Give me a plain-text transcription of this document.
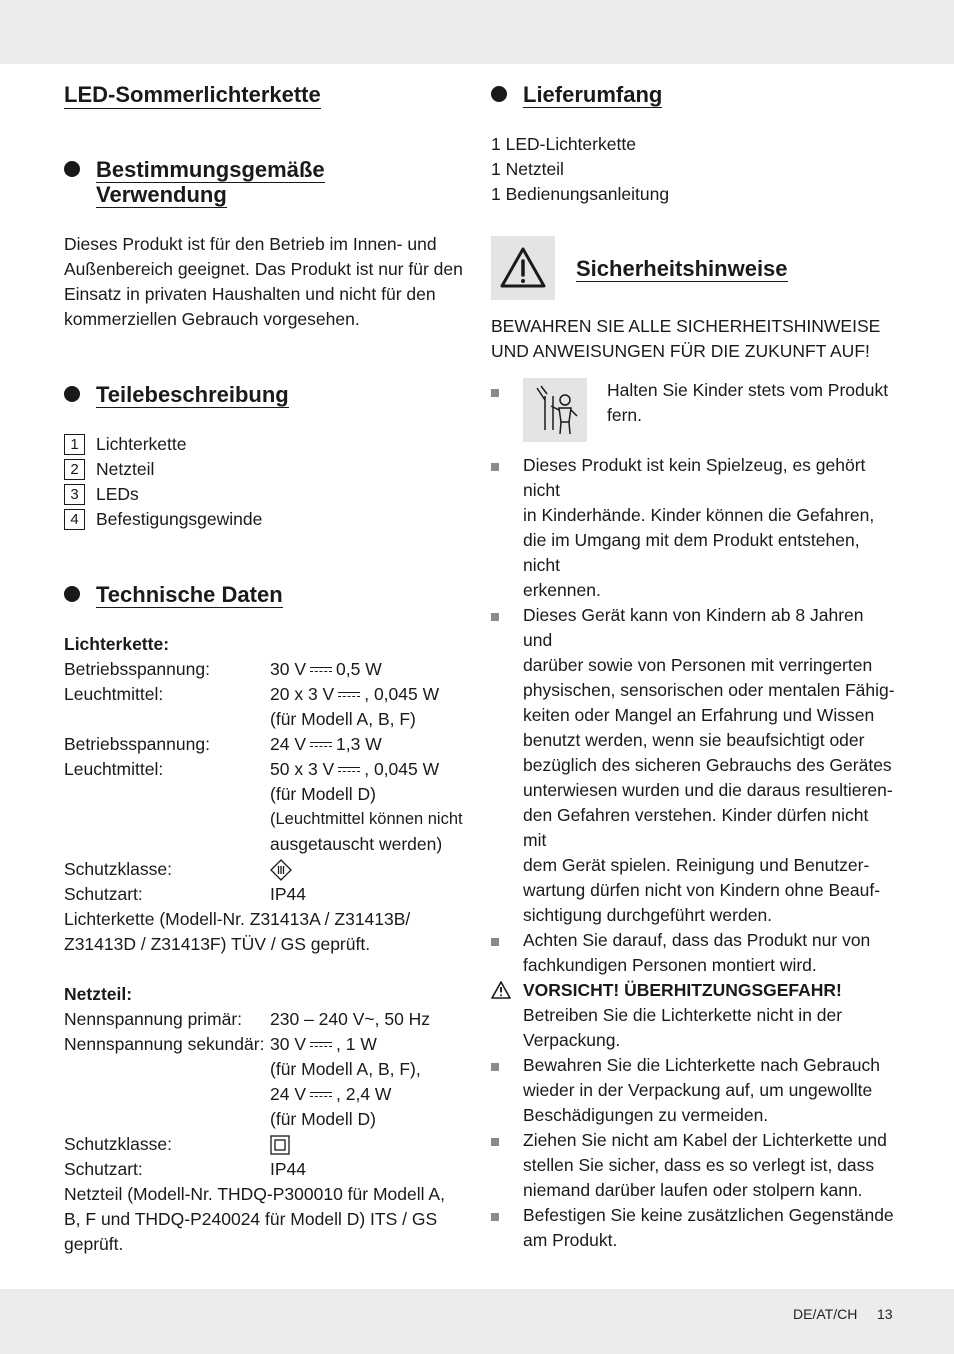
LED-Sommerlichterkette
Bestimmungsgemäße
Verwendung

Dieses Produkt ist für den Betrieb im Innen- und

Außenbereich geeignet. Das Produkt ist nur für den

Einsatz in privaten Haushalten und nicht für den

kommerziellen Gebrauch vorgesehen.

Teilebeschreibung
1 Lichterkette
2 Netzteil
3 LEDs
4 Befestigungsgewinde
Technische Daten
Lichterkette:
Betriebsspannung:	30 V 0,5 W
Leuchtmittel:	20 x 3 V , 0,045 W
(für Modell A, B, F)
Betriebsspannung:	24 V 1,3 W
Leuchtmittel:	50 x 3 V , 0,045 W
(für Modell D)
(Leuchtmittel können nicht
ausgetauscht werden)
Schutzklasse:
Schutzart:	IP44
Lichterkette (Modell-Nr. Z31413A / Z31413B/
Z31413D / Z31413F) TÜV / GS geprüft.
Netzteil:
Nennspannung primär:	230 – 240 V~, 50 Hz
Nennspannung sekundär: 30 V , 1 W
(für Modell A, B, F),
24 V , 2,4 W
(für Modell D)
Schutzklasse:
Schutzart:	IP44
Netzteil (Modell-Nr. THDQ-P300010 für Modell A,
B, F und THDQ-P240024 für Modell D) ITS / GS
geprüft.
Lieferumfang
1 LED-Lichterkette
1 Netzteil
1 Bedienungsanleitung
Sicherheitshinweise
BEWAHREN SIE ALLE SICHERHEITSHINWEISE
UND ANWEISUNGEN FÜR DIE ZUKUNFT AUF!
Halten Sie Kinder stets vom Produkt
fern.
Dieses Produkt ist kein Spielzeug, es gehört nicht
in Kinderhände. Kinder können die Gefahren,
die im Umgang mit dem Produkt entstehen, nicht
erkennen.
Dieses Gerät kann von Kindern ab 8 Jahren und
darüber sowie von Personen mit verringerten
physischen, sensorischen oder mentalen Fähig-
keiten oder Mangel an Erfahrung und Wissen
benutzt werden, wenn sie beaufsichtigt oder
bezüglich des sicheren Gebrauchs des Gerätes
unterwiesen wurden und die daraus resultieren-
den Gefahren verstehen. Kinder dürfen nicht mit
dem Gerät spielen. Reinigung und Benutzer-
wartung dürfen nicht von Kindern ohne Beauf-
sichtigung durchgeführt werden.
Achten Sie darauf, dass das Produkt nur von
fachkundigen Personen montiert wird.
VORSICHT! ÜBERHITZUNGSGEFAHR!
Betreiben Sie die Lichterkette nicht in der
Verpackung.
Bewahren Sie die Lichterkette nach Gebrauch
wieder in der Verpackung auf, um ungewollte
Beschädigungen zu vermeiden.
Ziehen Sie nicht am Kabel der Lichterkette und
stellen Sie sicher, dass es so verlegt ist, dass
niemand darüber laufen oder stolpern kann.
Befestigen Sie keine zusätzlichen Gegenstände
am Produkt.
DE/AT/CH 13
